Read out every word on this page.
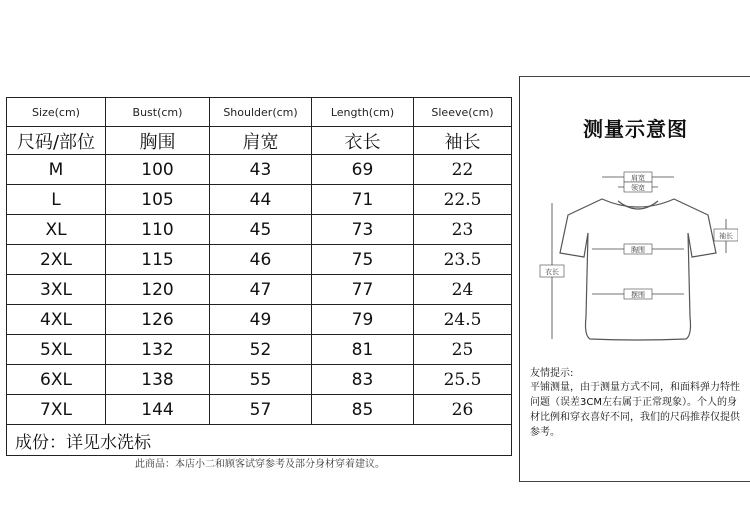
Size(cm)	Bust(cm)	Shoulder(cm)	Length(cm)	Sleeve(cm)
尺码/部位	胸围	肩宽	衣长	袖长
M	100	43	69	22
L	105	44	71	22.5
XL	110	45	73	23
2XL	115	46	75	23.5
3XL	120	47	77	24
4XL	126	49	79	24.5
5XL	132	52	81	25
6XL	138	55	83	25.5
7XL	144	57	85	26
成份：详见水洗标				
此商品：本店小二和顾客试穿参考及部分身材穿着建议。
测量示意图
肩宽
领宽
胸围
摆围
衣长
袖长
友情提示:
平铺测量，由于测量方式不同，和面料弹力特性问题（误差3CM左右属于正常现象）。个人的身材比例和穿衣喜好不同，我们的尺码推荐仅提供参考。
